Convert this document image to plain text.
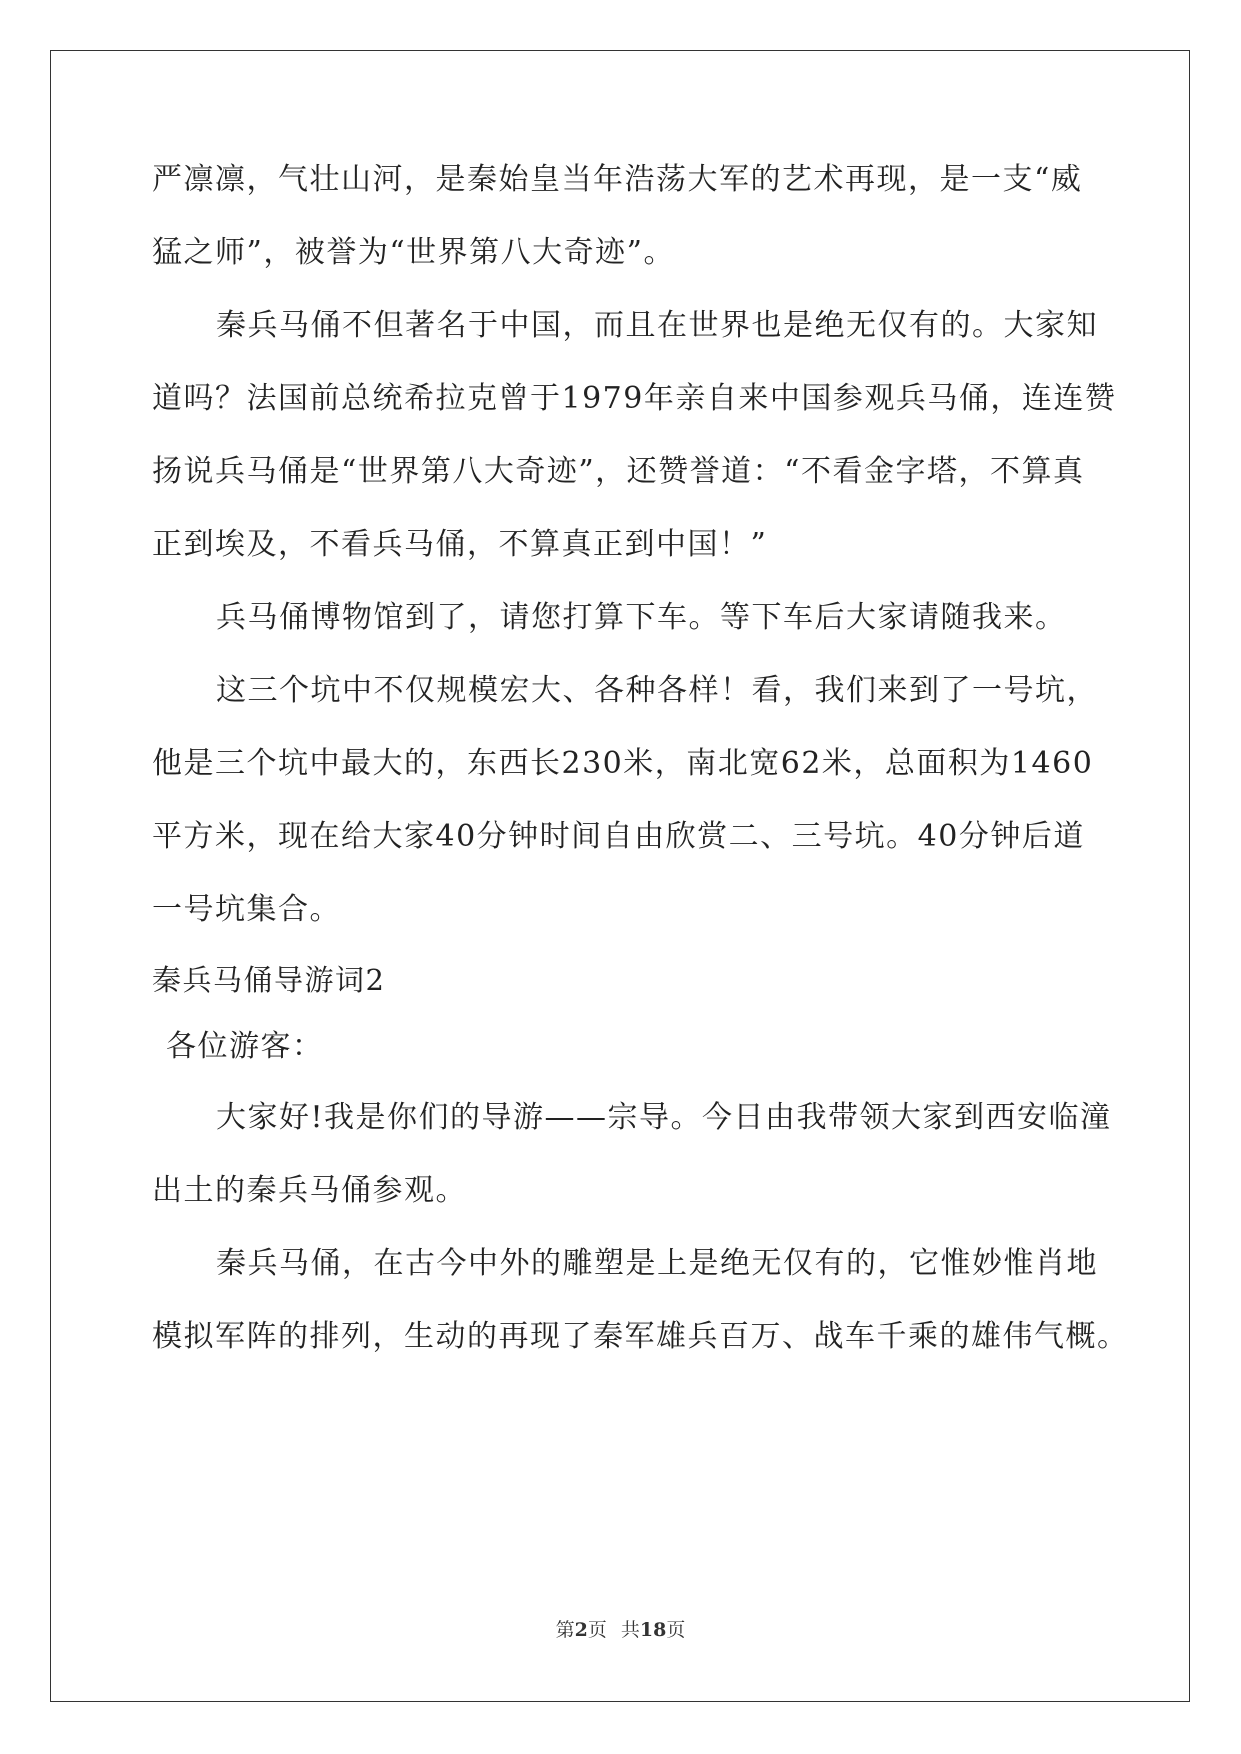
严凛凛，气壮山河，是秦始皇当年浩荡大军的艺术再现，是一支“威
猛之师”，被誉为“世界第八大奇迹”。
秦兵马俑不但著名于中国，而且在世界也是绝无仅有的。大家知
道吗？法国前总统希拉克曾于1979年亲自来中国参观兵马俑，连连赞
扬说兵马俑是“世界第八大奇迹”，还赞誉道：“不看金字塔，不算真
正到埃及，不看兵马俑，不算真正到中国！”
兵马俑博物馆到了，请您打算下车。等下车后大家请随我来。
这三个坑中不仅规模宏大、各种各样！看，我们来到了一号坑，
他是三个坑中最大的，东西长230米，南北宽62米，总面积为1460
平方米，现在给大家40分钟时间自由欣赏二、三号坑。40分钟后道
一号坑集合。
秦兵马俑导游词2
各位游客：
大家好!我是你们的导游——宗导。今日由我带领大家到西安临潼
出土的秦兵马俑参观。
秦兵马俑，在古今中外的雕塑是上是绝无仅有的，它惟妙惟肖地
模拟军阵的排列，生动的再现了秦军雄兵百万、战车千乘的雄伟气概。
第2页 共18页
